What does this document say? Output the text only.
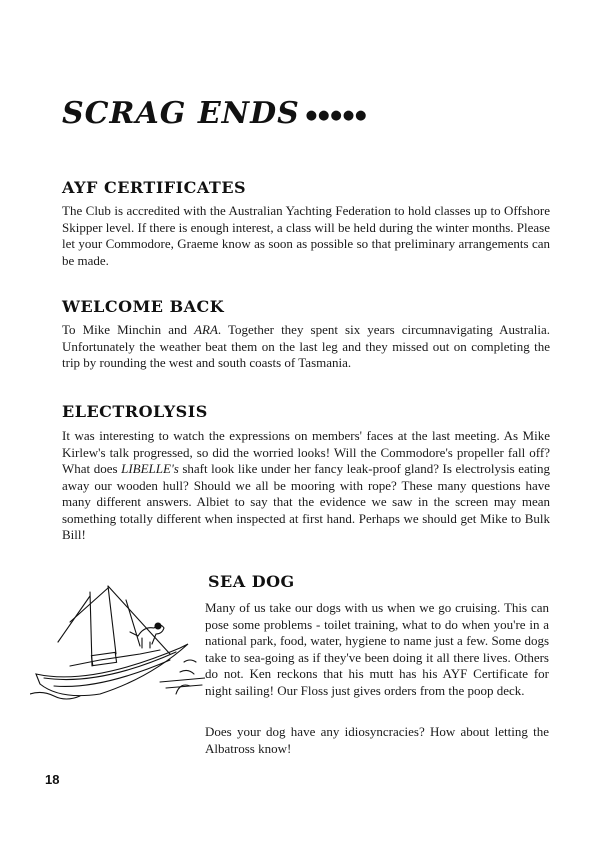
SCRAG ENDS ●●●●●
AYF CERTIFICATES

The Club is accredited with the Australian Yachting Federation to hold classes up to Offshore Skipper level. If there is enough interest, a class will be held during the winter months. Please let your Commodore, Graeme know as soon as possible so that preliminary arrangements can be made.

WELCOME BACK

To Mike Minchin and ARA. Together they spent six years circumnavigating Australia. Unfortunately the weather beat them on the last leg and they missed out on completing the trip by rounding the west and south coasts of Tasmania.

ELECTROLYSIS

It was interesting to watch the expressions on members' faces at the last meeting. As Mike Kirlew's talk progressed, so did the worried looks! Will the Commodore's propeller fall off? What does LIBELLE's shaft look like under her fancy leak-proof gland? Is electrolysis eating away our wooden hull? Should we all be mooring with rope? These many questions have many different answers. Albiet to say that the evidence we saw in the screen may mean something totally different when inspected at first hand. Perhaps we should get Mike to Bulk Bill!

SEA DOG

Many of us take our dogs with us when we go cruising. This can pose some problems - toilet training, what to do when you're in a national park, food, water, hygiene to name just a few. Some dogs take to sea-going as if they've been doing it all there lives. Others do not. Ken reckons that his mutt has his AYF Certificate for night sailing! Our Floss just gives orders from the poop deck.

Does your dog have any idiosyncracies? How about letting the Albatross know!

18
